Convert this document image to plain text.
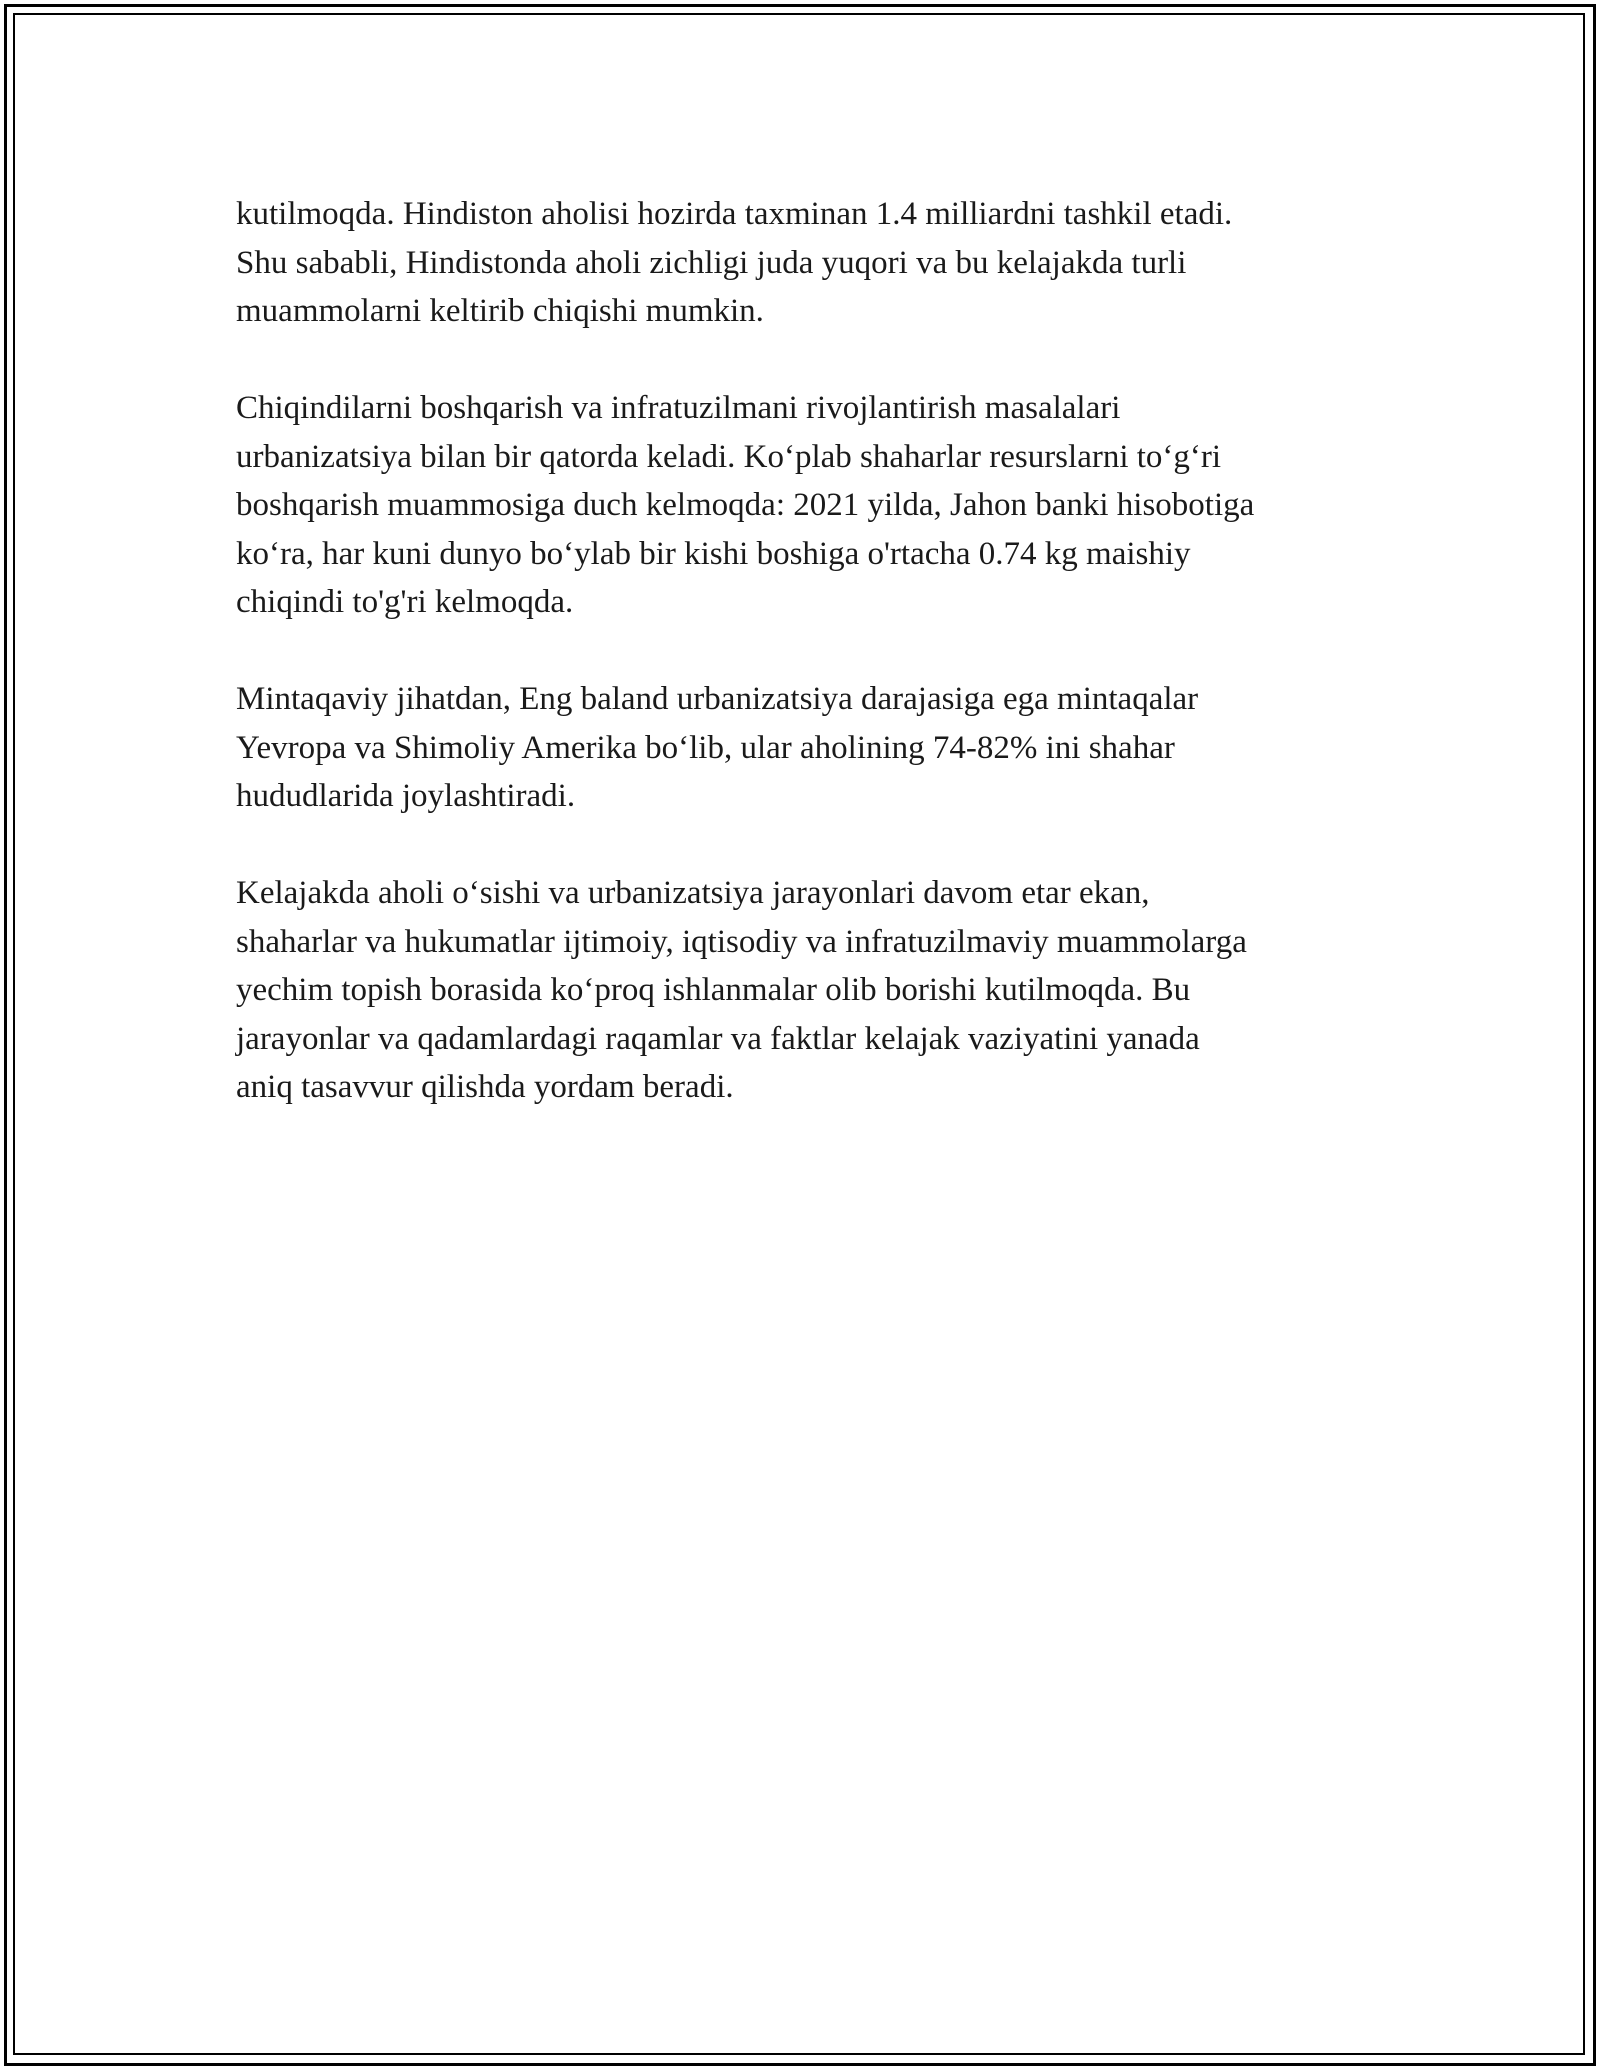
kutilmoqda. Hindiston aholisi hozirda taxminan 1.4 milliardni tashkil etadi.
Shu sababli, Hindistonda aholi zichligi juda yuqori va bu kelajakda turli
muammolarni keltirib chiqishi mumkin.

Chiqindilarni boshqarish va infratuzilmani rivojlantirish masalalari
urbanizatsiya bilan bir qatorda keladi. Ko‘plab shaharlar resurslarni to‘g‘ri
boshqarish muammosiga duch kelmoqda: 2021 yilda, Jahon banki hisobotiga
ko‘ra, har kuni dunyo bo‘ylab bir kishi boshiga o'rtacha 0.74 kg maishiy
chiqindi to'g'ri kelmoqda.

Mintaqaviy jihatdan, Eng baland urbanizatsiya darajasiga ega mintaqalar
Yevropa va Shimoliy Amerika bo‘lib, ular aholining 74-82% ini shahar
hududlarida joylashtiradi.

Kelajakda aholi o‘sishi va urbanizatsiya jarayonlari davom etar ekan,
shaharlar va hukumatlar ijtimoiy, iqtisodiy va infratuzilmaviy muammolarga
yechim topish borasida ko‘proq ishlanmalar olib borishi kutilmoqda. Bu
jarayonlar va qadamlardagi raqamlar va faktlar kelajak vaziyatini yanada
aniq tasavvur qilishda yordam beradi.
